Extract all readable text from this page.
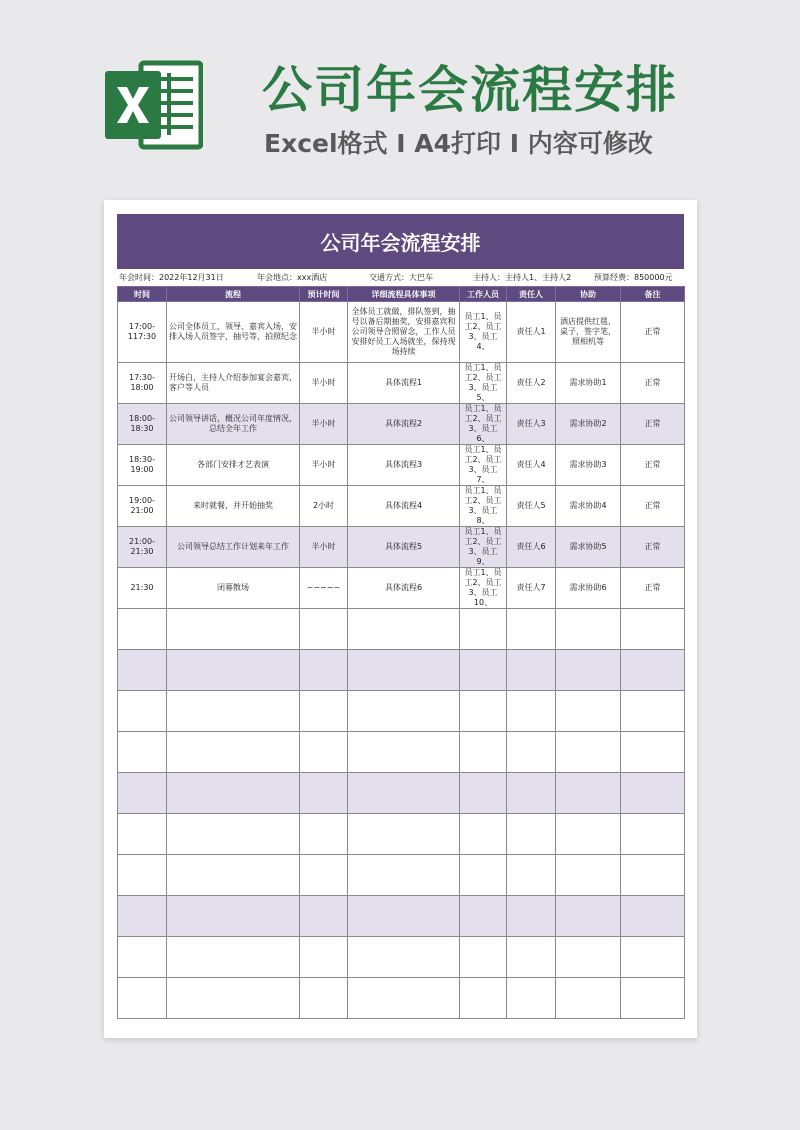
公司年会流程安排
Excel格式 I A4打印 I 内容可修改
公司年会流程安排
年会时间：2022年12月31日	年会地点：xxx酒店	交通方式：大巴车	主持人：主持人1、主持人2	预算经费：850000元
时间	流程	预计时间	详细流程具体事项	工作人员	责任人	协助	备注
17:00-117:30	公司全体员工、领导、嘉宾入场，安排入场人员签字，抽号等，拍照纪念	半小时	全体员工就做，排队签到，抽号以备后期抽奖，安排嘉宾和公司领导合照留念，工作人员安排好员工入场就坐，保持现场持续	员工1、员工2、员工3、员工4、	责任人1	酒店提供红毯，桌子，签字笔，照相机等	正常
17:30-18:00	开场白，主持人介绍参加宴会嘉宾，客户等人员	半小时	具体流程1	员工1、员工2、员工3、员工5、	责任人2	需求协助1	正常
18:00-18:30	公司领导讲话，概况公司年度情况，总结全年工作	半小时	具体流程2	员工1、员工2、员工3、员工6、	责任人3	需求协助2	正常
18:30-19:00	各部门安排才艺表演	半小时	具体流程3	员工1、员工2、员工3、员工7、	责任人4	需求协助3	正常
19:00-21:00	来时就餐，并开始抽奖	2小时	具体流程4	员工1、员工2、员工3、员工8、	责任人5	需求协助4	正常
21:00-21:30	公司领导总结工作计划来年工作	半小时	具体流程5	员工1、员工2、员工3、员工9、	责任人6	需求协助5	正常
21:30	闭幕散场	~~~~~	具体流程6	员工1、员工2、员工3、员工10、	责任人7	需求协助6	正常
